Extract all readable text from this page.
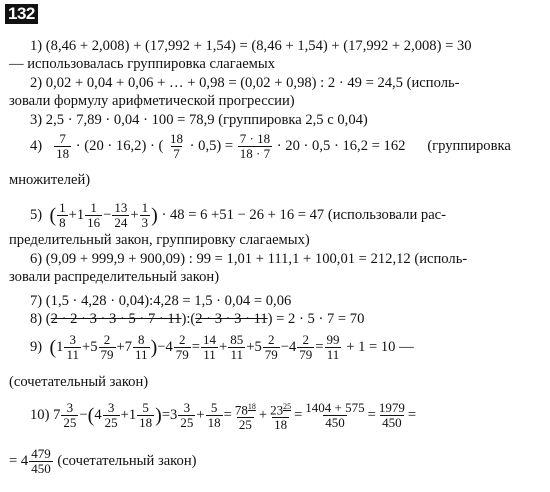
132
1) (8,46 + 2,008) + (17,992 + 1,54) = (8,46 + 1,54) + (17,992 + 2,008) = 30
— использовалась группировка слагаемых
2) 0,02 + 0,04 + 0,06 + … + 0,98 = (0,02 + 0,98) : 2 · 49 = 24,5 (исполь-
зовали формулу арифметической прогрессии)
3) 2,5 · 7,89 · 0,04 · 100 = 78,9 (группировка 2,5 с 0,04)
$4) \frac{7}{18} \cdot (20 \cdot 16,2)$ · ( $\frac{18}{7} \cdot 0,5) = \frac{7 \cdot 18}{18 \cdot 7} \cdot 20 \cdot 0,5 \cdot 16,2 = 162$ (группировка
множителей)
5) ( $\frac{1}{8} +1 \frac{1}{16} - \frac{13}{24} + \frac{1}{3}$ ) · 48 = 6 +51 − 26 + 16 = 47 (использовали рас-
пределительный закон, группировку слагаемых)
6) (9,09 + 999,9 + 900,09) : 99 = 1,01 + 111,1 + 100,01 = 212,12 (исполь-
зовали распределительный закон)
7) (1,5 · 4,28 · 0,04):4,28 = 1,5 · 0,04 = 0,06
8) (2 · 2 · 3 · 3 · 5 · 7 · 11):(2 · 3 · 3 · 11) = 2 · 5 · 7 = 70
9) $(1 \frac{3}{11} +5 \frac{2}{79} +7 \frac{8}{11} )-4 \frac{2}{79} = \frac{14}{11} + \frac{85}{11} +5 \frac{2}{79} -4 \frac{2}{79} = \frac{99}{11} + 1 = 10$ —
(сочетательный закон)
10) $7 \frac{3}{25} -(4 \frac{3}{25} +1 \frac{5}{18} )=3 \frac{3}{25} + \frac{5}{18} = \frac{78^{18}}{25} + \frac{23^{25}}{18} = \frac{1404 + 575}{450} = \frac{1979}{450}$ =
= $4 \frac{479}{450}$ (сочетательный закон)
